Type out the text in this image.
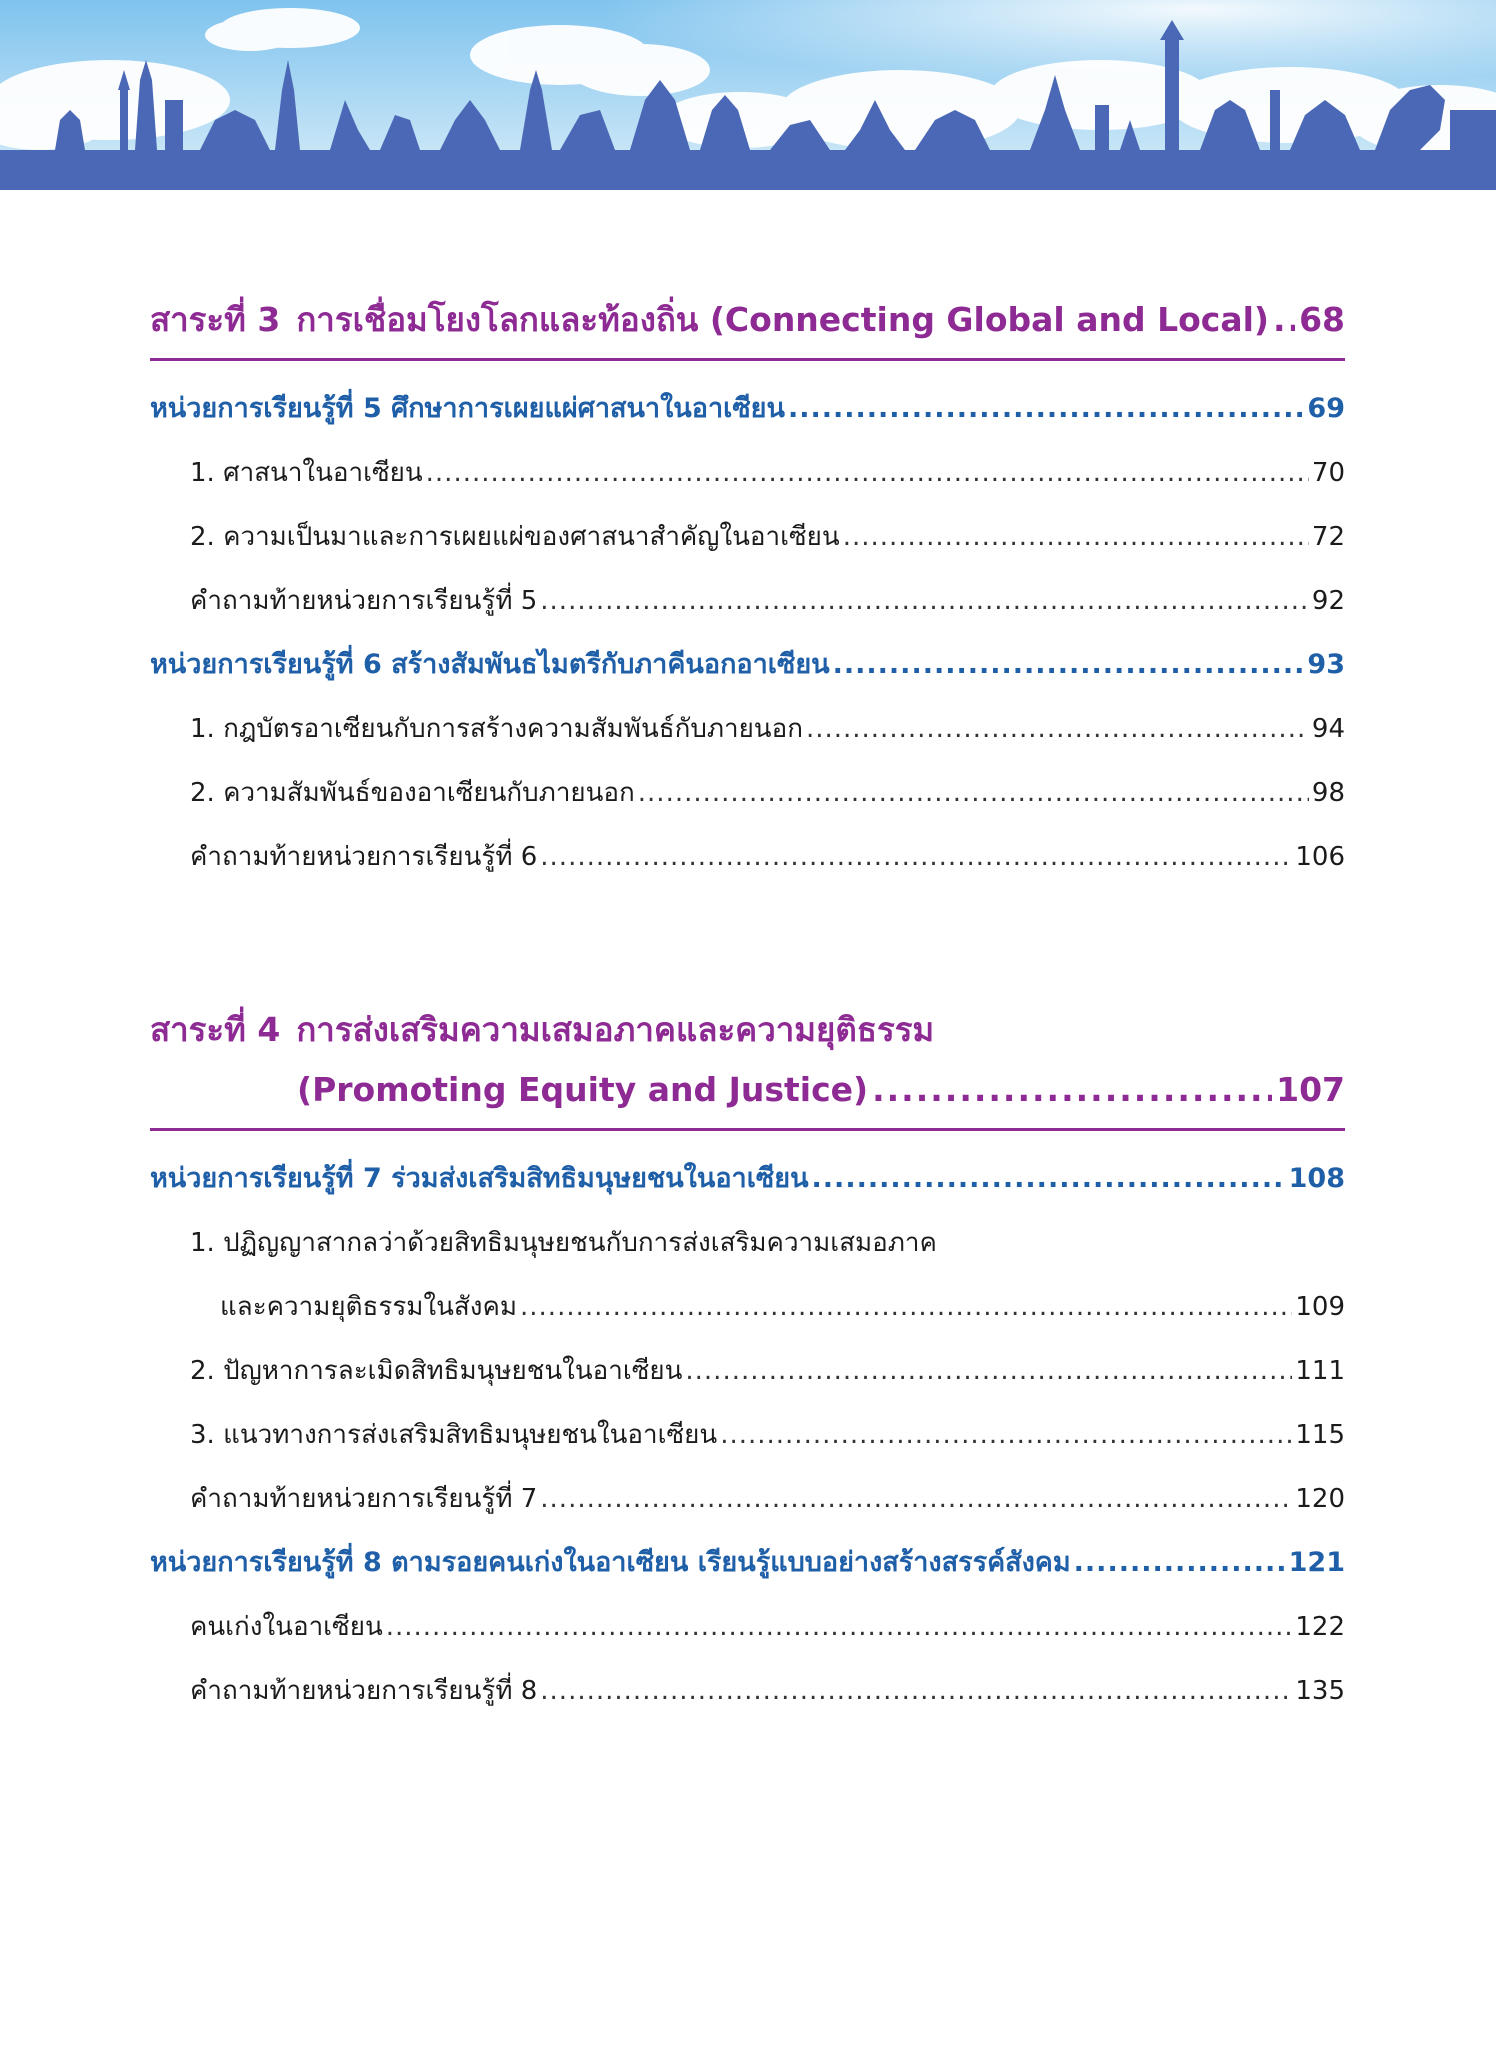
สาระที่ 3 การเชื่อมโยงโลกและท้องถิ่น (Connecting Global and Local) ..... 68
หน่วยการเรียนรู้ที่ 5 ศึกษาการเผยแผ่ศาสนาในอาเซียน .....	69
1. ศาสนาในอาเซียน .....	70
2. ความเป็นมาและการเผยแผ่ของศาสนาสำคัญในอาเซียน .....	72
คำถามท้ายหน่วยการเรียนรู้ที่ 5 .....	92
หน่วยการเรียนรู้ที่ 6 สร้างสัมพันธไมตรีกับภาคีนอกอาเซียน .....	93
1. กฎบัตรอาเซียนกับการสร้างความสัมพันธ์กับภายนอก .....	94
2. ความสัมพันธ์ของอาเซียนกับภายนอก .....	98
คำถามท้ายหน่วยการเรียนรู้ที่ 6 .....	106
สาระที่ 4 การส่งเสริมความเสมอภาคและความยุติธรรม
(Promoting Equity and Justice) .....	107
หน่วยการเรียนรู้ที่ 7 ร่วมส่งเสริมสิทธิมนุษยชนในอาเซียน .....	108
1. ปฏิญญาสากลว่าด้วยสิทธิมนุษยชนกับการส่งเสริมความเสมอภาค
และความยุติธรรมในสังคม .....	109
2. ปัญหาการละเมิดสิทธิมนุษยชนในอาเซียน .....	111
3. แนวทางการส่งเสริมสิทธิมนุษยชนในอาเซียน .....	115
คำถามท้ายหน่วยการเรียนรู้ที่ 7 .....	120
หน่วยการเรียนรู้ที่ 8 ตามรอยคนเก่งในอาเซียน เรียนรู้แบบอย่างสร้างสรรค์สังคม .....	121
คนเก่งในอาเซียน .....	122
คำถามท้ายหน่วยการเรียนรู้ที่ 8 .....	135
